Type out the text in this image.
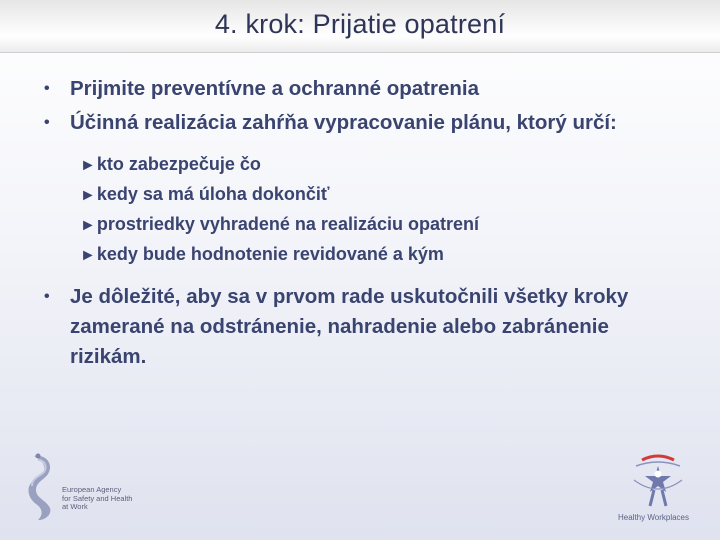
4. krok: Prijatie opatrení
• Prijmite preventívne a ochranné opatrenia
• Účinná realizácia zahŕňa vypracovanie plánu, ktorý určí:
►kto zabezpečuje čo
►kedy sa má úloha dokončiť
►prostriedky vyhradené na realizáciu opatrení
►kedy bude hodnotenie revidované a kým
• Je dôležité, aby sa v prvom rade uskutočnili všetky kroky zamerané na odstránenie, nahradenie alebo zabránenie rizikám.
European Agency
for Safety and Health
at Work
Healthy Workplaces
